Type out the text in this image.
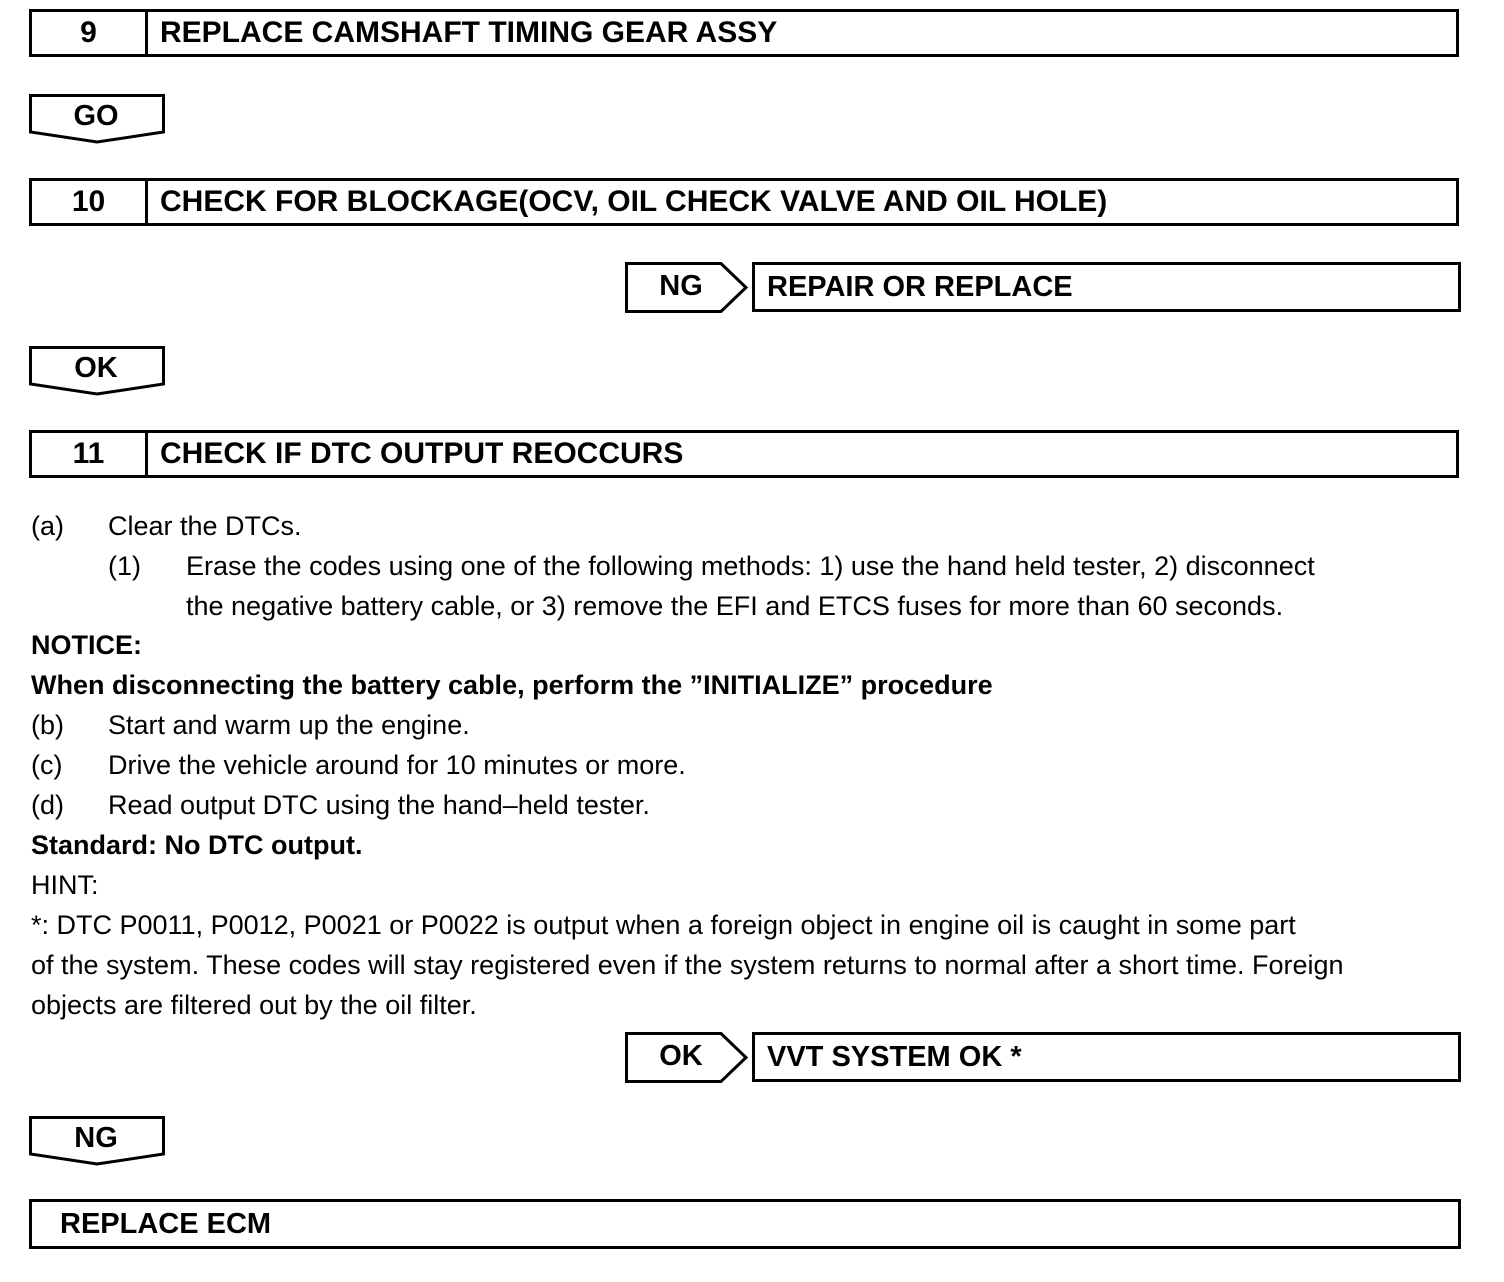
9	REPLACE CAMSHAFT TIMING GEAR ASSY
GO
10	CHECK FOR BLOCKAGE(OCV, OIL CHECK VALVE AND OIL HOLE)
NG	REPAIR OR REPLACE
OK
11	CHECK IF DTC OUTPUT REOCCURS
(a) Clear the DTCs.
(1) Erase the codes using one of the following methods: 1) use the hand held tester, 2) disconnect
the negative battery cable, or 3) remove the EFI and ETCS fuses for more than 60 seconds.
NOTICE:
When disconnecting the battery cable, perform the ”INITIALIZE” procedure
(b) Start and warm up the engine.
(c) Drive the vehicle around for 10 minutes or more.
(d) Read output DTC using the hand–held tester.
Standard: No DTC output.
HINT:
*: DTC P0011, P0012, P0021 or P0022 is output when a foreign object in engine oil is caught in some part
of the system. These codes will stay registered even if the system returns to normal after a short time. Foreign
objects are filtered out by the oil filter.
OK	VVT SYSTEM OK *
NG
REPLACE ECM
